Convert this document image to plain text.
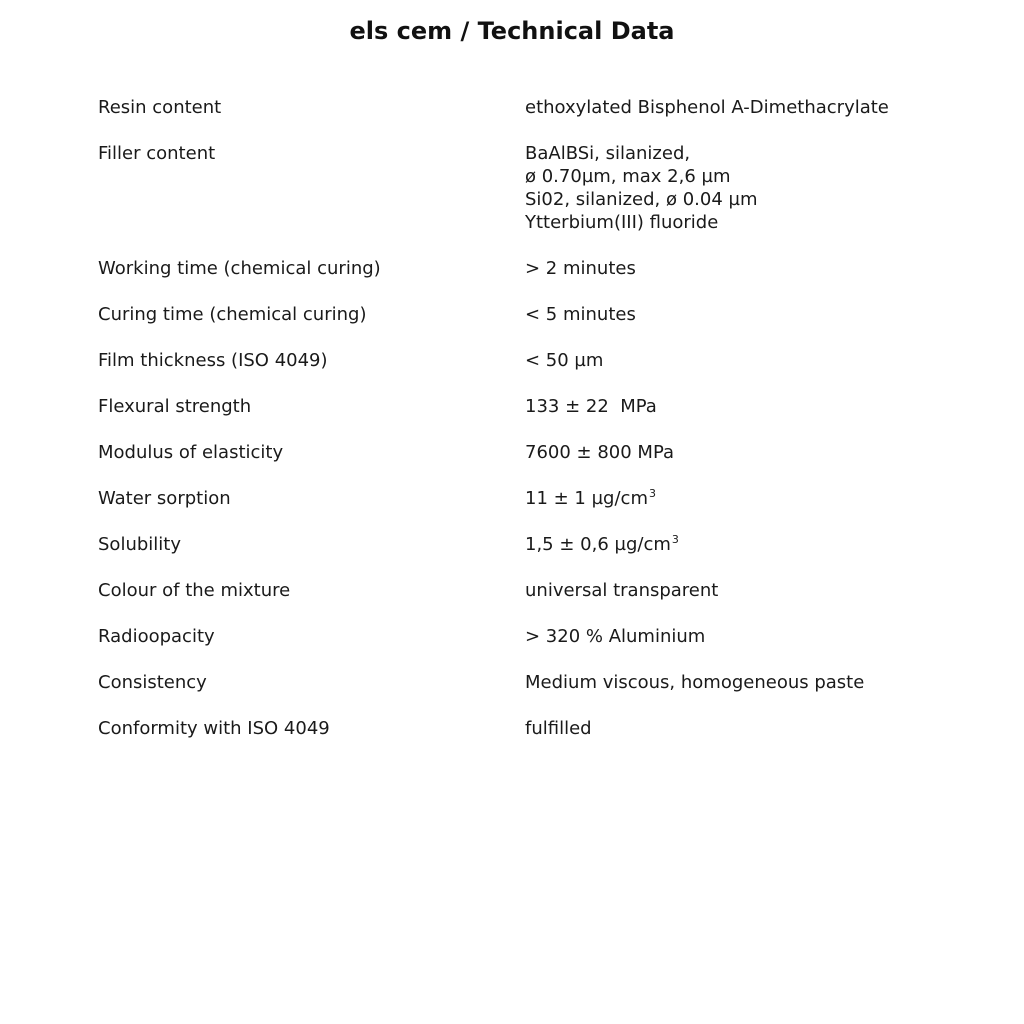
els cem / Technical Data
Resin content	ethoxylated Bisphenol A-Dimethacrylate
Filler content	BaAlBSi, silanized,
ø 0.70µm, max 2,6 µm
Si02, silanized, ø 0.04 µm
Ytterbium(III) fluoride
Working time (chemical curing)	> 2 minutes
Curing time (chemical curing)	< 5 minutes
Film thickness (ISO 4049)	< 50 µm
Flexural strength	133 ± 22  MPa
Modulus of elasticity	7600 ± 800 MPa
Water sorption	11 ± 1 $\mu g/cm^3$
Solubility	1,5 ± 0,6 $\mu g/cm^3$
Colour of the mixture	universal transparent
Radioopacity	> 320 % Aluminium
Consistency	Medium viscous, homogeneous paste
Conformity with ISO 4049	fulfilled
